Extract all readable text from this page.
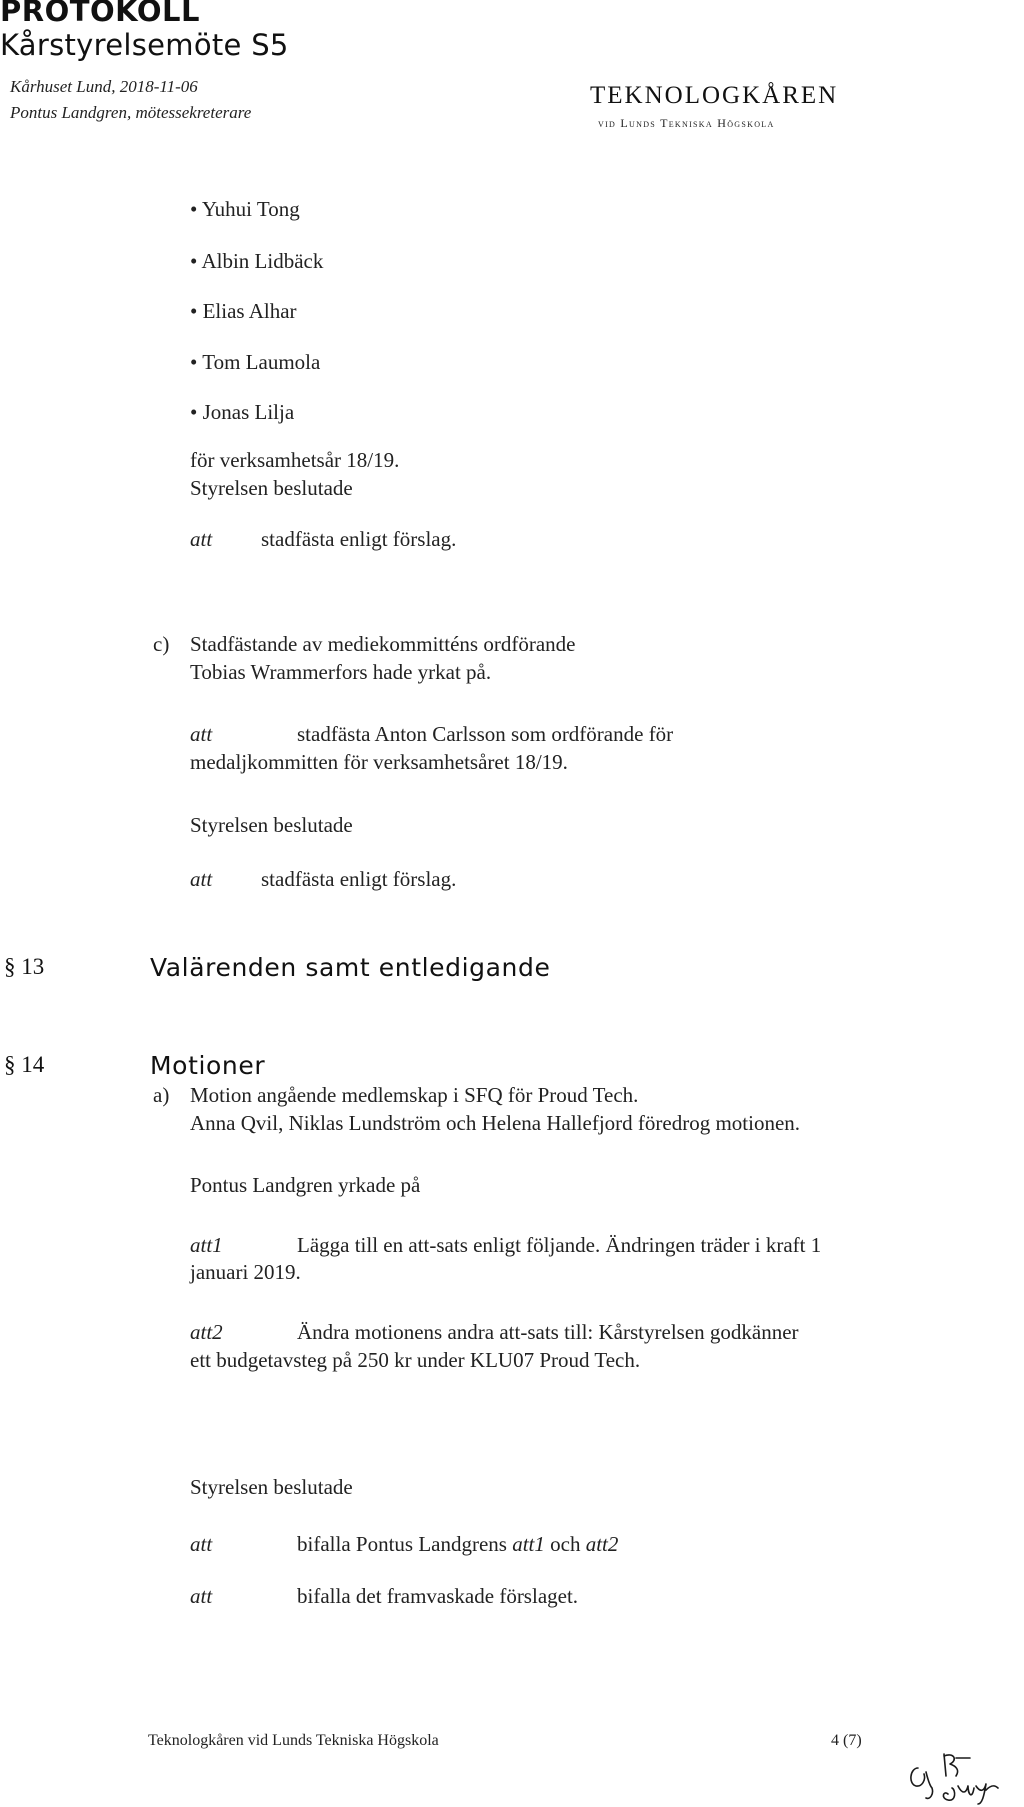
PROTOKOLL
Kårstyrelsemöte S5
Kårhuset Lund, 2018-11-06
Pontus Landgren, mötessekreterare
TEKNOLOGKÅREN
vid Lunds Tekniska Högskola
• Yuhui Tong
• Albin Lidbäck
• Elias Alhar
• Tom Laumola
• Jonas Lilja
för verksamhetsår 18/19.
Styrelsen beslutade
att stadfästa enligt förslag.
c) Stadfästande av mediekommitténs ordförande
Tobias Wrammerfors hade yrkat på.
att	stadfästa Anton Carlsson som ordförande för
medaljkommitten för verksamhetsåret 18/19.
Styrelsen beslutade
att stadfästa enligt förslag.
§ 13	Valärenden samt entledigande
§ 14	Motioner
a) Motion angående medlemskap i SFQ för Proud Tech.
Anna Qvil, Niklas Lundström och Helena Hallefjord föredrog motionen.
Pontus Landgren yrkade på
att1	Lägga till en att-sats enligt följande. Ändringen träder i kraft 1
januari 2019.
att2	Ändra motionens andra att-sats till: Kårstyrelsen godkänner
ett budgetavsteg på 250 kr under KLU07 Proud Tech.
Styrelsen beslutade
att	bifalla Pontus Landgrens att1 och att2
att	bifalla det framvaskade förslaget.
Teknologkåren vid Lunds Tekniska Högskola	4 (7)
